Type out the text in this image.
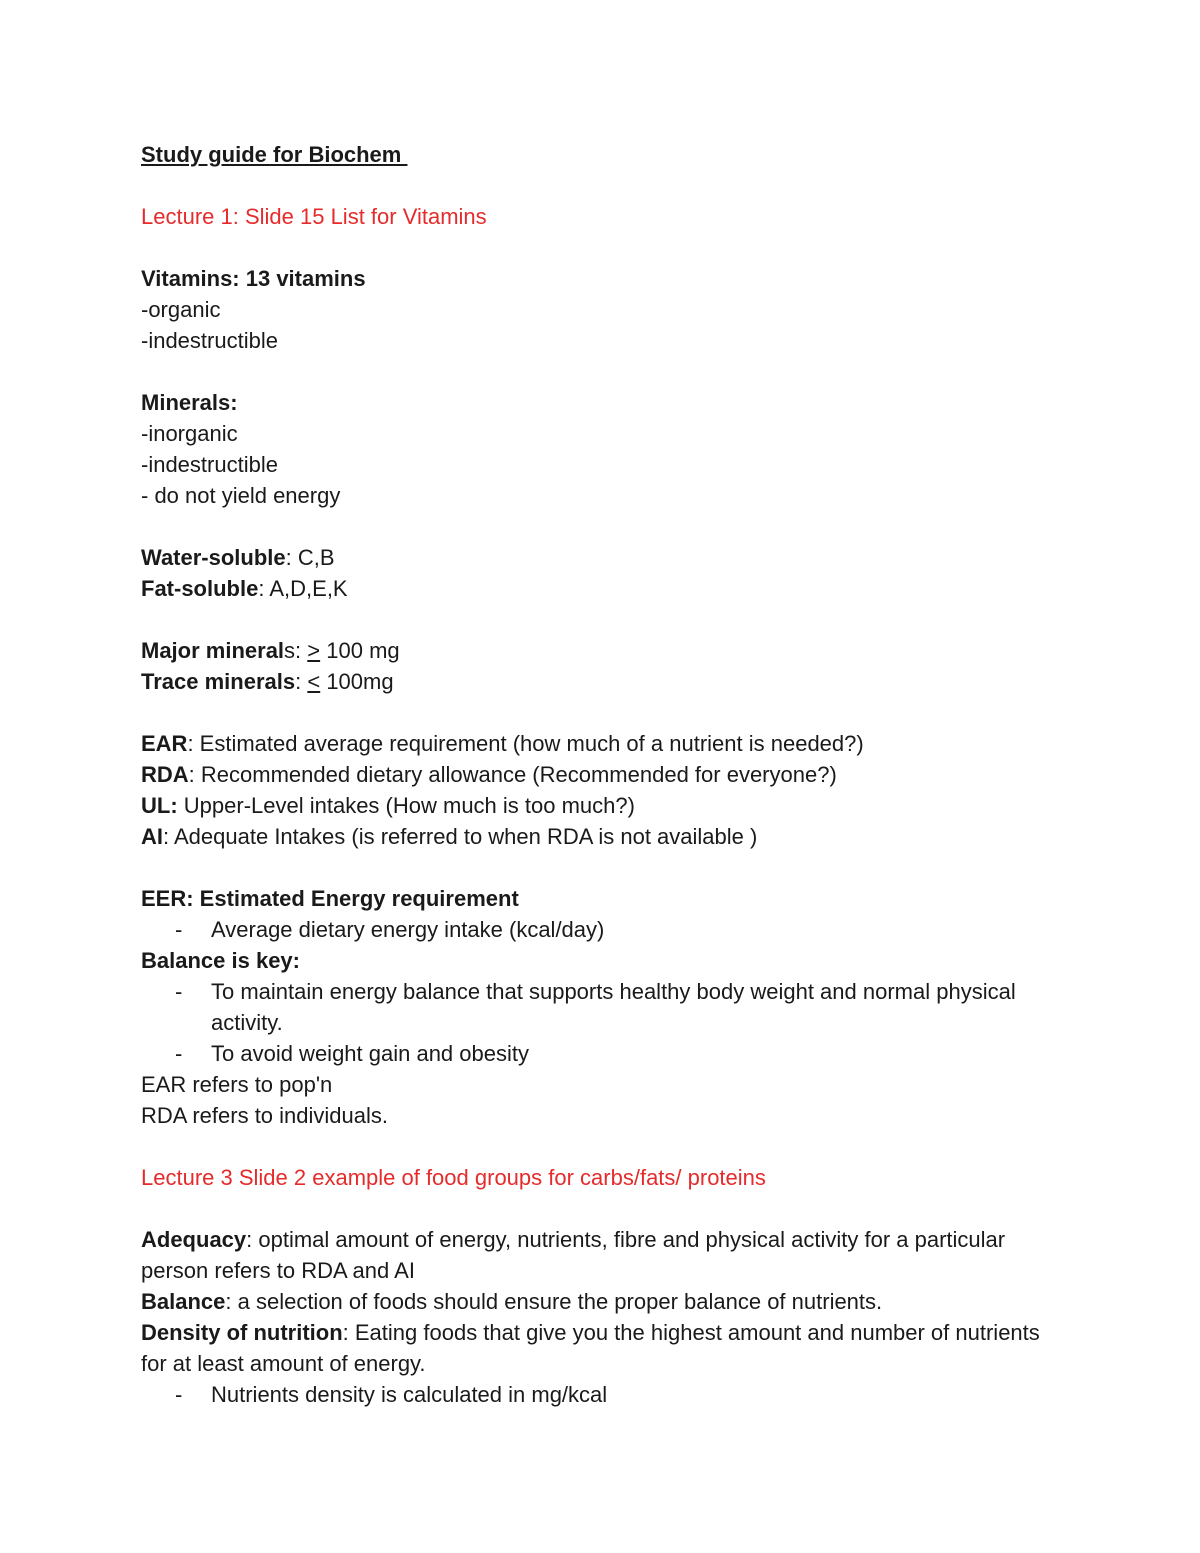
Study guide for Biochem
Lecture 1: Slide 15 List for Vitamins
Vitamins: 13 vitamins
-organic
-indestructible
Minerals:
-inorganic
-indestructible
- do not yield energy
Water-soluble: C,B
Fat-soluble: A,D,E,K
Major minerals: > 100 mg
Trace minerals: < 100mg
EAR: Estimated average requirement (how much of a nutrient is needed?)
RDA: Recommended dietary allowance (Recommended for everyone?)
UL: Upper-Level intakes (How much is too much?)
AI: Adequate Intakes (is referred to when RDA is not available )
EER: Estimated Energy requirement
- Average dietary energy intake (kcal/day)
Balance is key:
- To maintain energy balance that supports healthy body weight and normal physical activity.
- To avoid weight gain and obesity
EAR refers to pop'n
RDA refers to individuals.
Lecture 3 Slide 2 example of food groups for carbs/fats/ proteins
Adequacy: optimal amount of energy, nutrients, fibre and physical activity for a particular person refers to RDA and AI
Balance: a selection of foods should ensure the proper balance of nutrients.
Density of nutrition: Eating foods that give you the highest amount and number of nutrients for at least amount of energy.
- Nutrients density is calculated in mg/kcal
